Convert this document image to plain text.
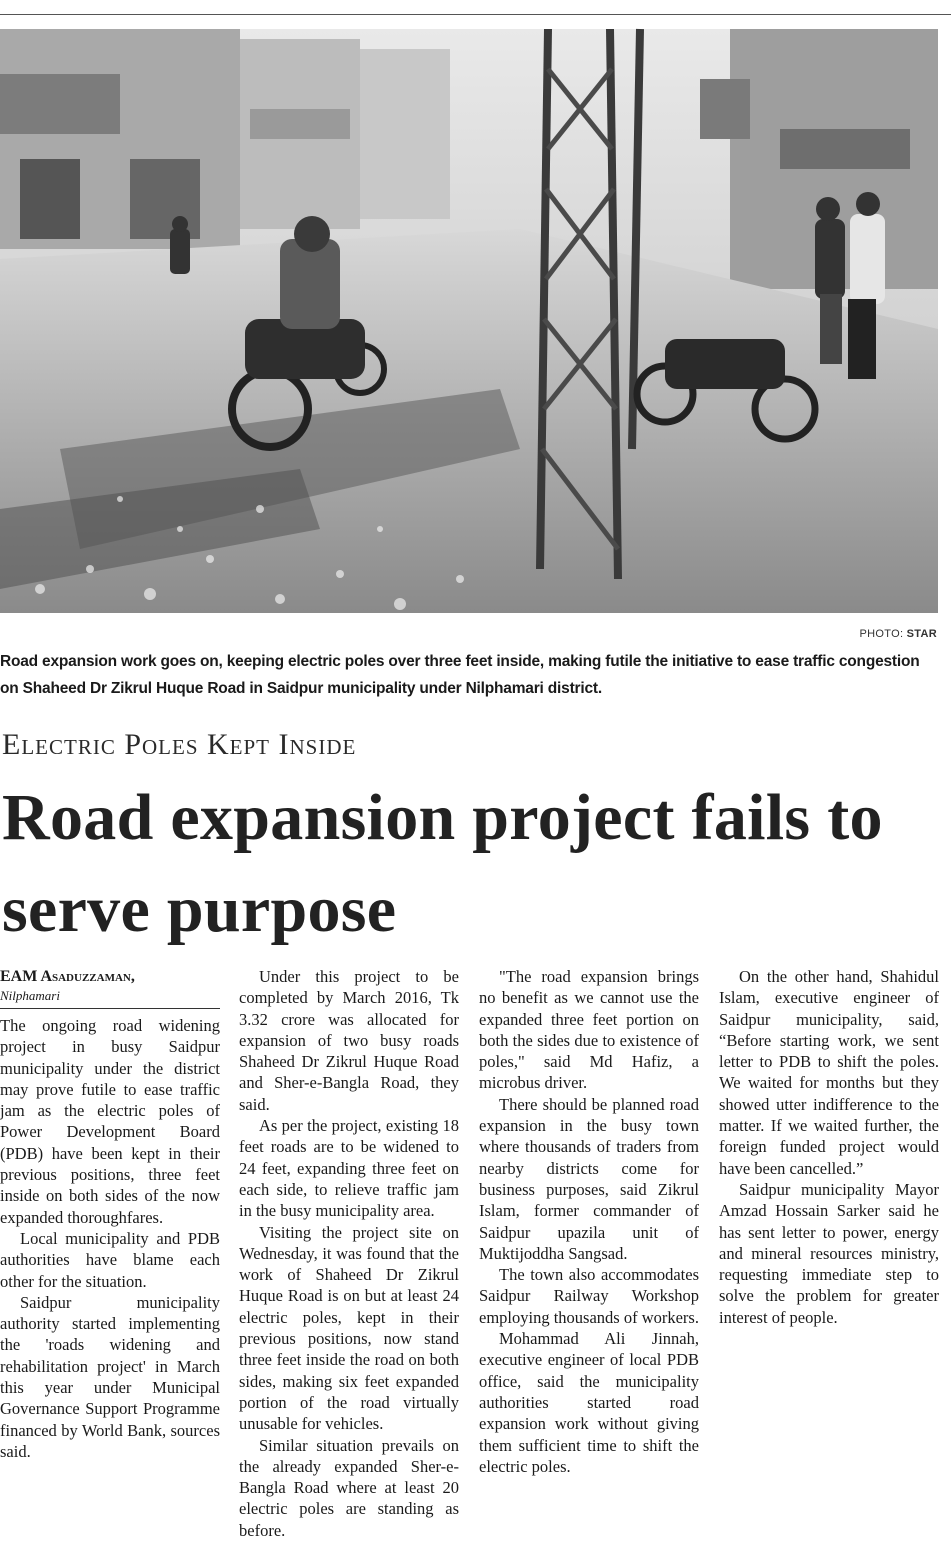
PHOTO: STAR
Road expansion work goes on, keeping electric poles over three feet inside, making futile the initiative to ease traffic congestion on Shaheed Dr Zikrul Huque Road in Saidpur municipality under Nilphamari district.
Electric Poles Kept Inside
Road expansion project fails to serve purpose
EAM Asaduzzaman,
Nilphamari

The ongoing road widening project in busy Saidpur municipality under the district may prove futile to ease traffic jam as the electric poles of Power Development Board (PDB) have been kept in their previous positions, three feet inside on both sides of the now expanded thoroughfares.

Local municipality and PDB authorities have blame each other for the situation.

Saidpur municipality authority started implementing the 'roads widening and rehabilitation project' in March this year under Municipal Governance Support Programme financed by World Bank, sources said.

Under this project to be completed by March 2016, Tk 3.32 crore was allocated for expansion of two busy roads Shaheed Dr Zikrul Huque Road and Sher-e-Bangla Road, they said.

As per the project, existing 18 feet roads are to be widened to 24 feet, expanding three feet on each side, to relieve traffic jam in the busy municipality area.

Visiting the project site on Wednesday, it was found that the work of Shaheed Dr Zikrul Huque Road is on but at least 24 electric poles, kept in their previous positions, now stand three feet inside the road on both sides, making six feet expanded portion of the road virtually unusable for vehicles.

Similar situation prevails on the already expanded Sher-e-Bangla Road where at least 20 electric poles are standing as before.

"The road expansion brings no benefit as we cannot use the expanded three feet portion on both the sides due to existence of poles," said Md Hafiz, a microbus driver.

There should be planned road expansion in the busy town where thousands of traders from nearby districts come for business purposes, said Zikrul Islam, former commander of Saidpur upazila unit of Muktijoddha Sangsad.

The town also accommodates Saidpur Railway Workshop employing thousands of workers.

Mohammad Ali Jinnah, executive engineer of local PDB office, said the municipality authorities started road expansion work without giving them sufficient time to shift the electric poles.

On the other hand, Shahidul Islam, executive engineer of Saidpur municipality, said, “Before starting work, we sent letter to PDB to shift the poles. We waited for months but they showed utter indifference to the matter. If we waited further, the foreign funded project would have been cancelled.”

Saidpur municipality Mayor Amzad Hossain Sarker said he has sent letter to power, energy and mineral resources ministry, requesting immediate step to solve the problem for greater interest of people.
